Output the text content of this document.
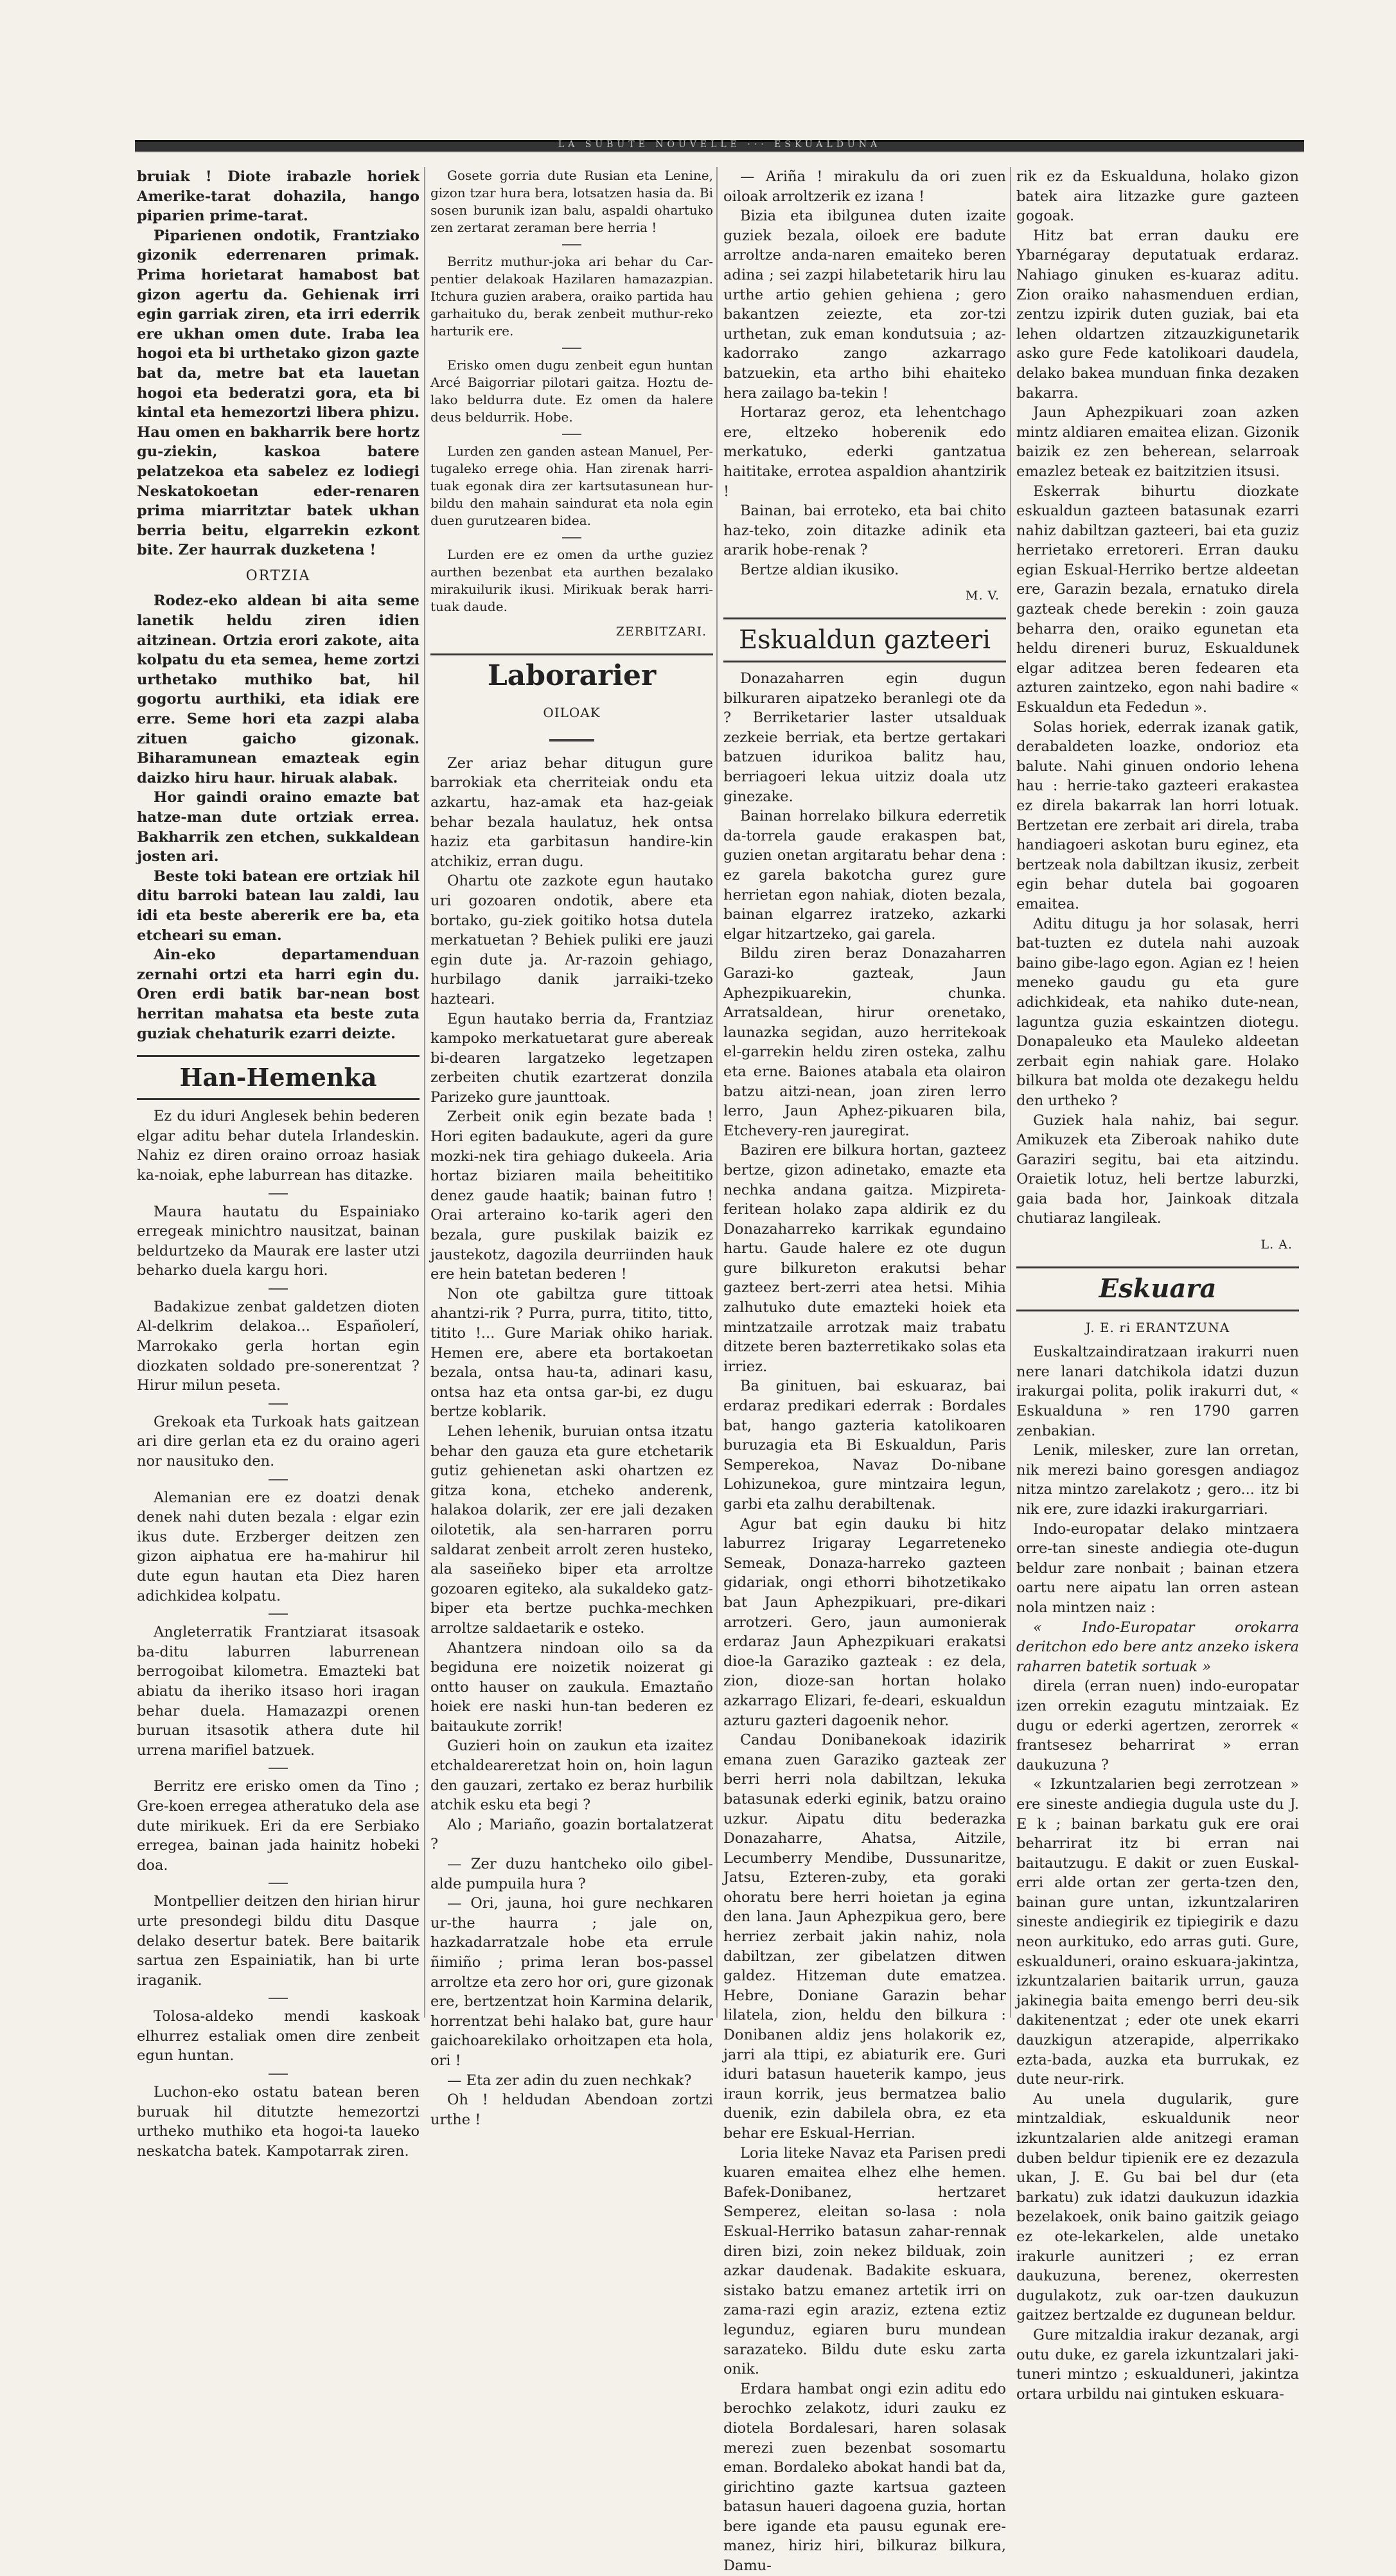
LA SUBUTE NOUVELLE ··· ESKUALDUNA

bruiak ! Diote irabazle horiek Amerike-tarat dohazila, hango piparien prime-tarat.

Piparienen ondotik, Frantziako gizonik ederrenaren primak. Prima horietarat hamabost bat gizon agertu da. Gehienak irri egin garriak ziren, eta irri ederrik ere ukhan omen dute. Iraba lea hogoi eta bi urthetako gizon gazte bat da, metre bat eta lauetan hogoi eta bederatzi gora, eta bi kintal eta hemezortzi libera phizu. Hau omen en bakharrik bere hortz gu-ziekin, kaskoa batere pelatzekoa eta sabelez ez lodiegi Neskatokoetan eder-renaren prima miarritztar batek ukhan berria beitu, elgarrekin ezkont bite. Zer haurrak duzketena !

ORTZIA

Rodez-eko aldean bi aita seme lanetik heldu ziren idien aitzinean. Ortzia erori zakote, aita kolpatu du eta semea, heme zortzi urthetako muthiko bat, hil gogortu aurthiki, eta idiak ere erre. Seme hori eta zazpi alaba zituen gaicho gizonak. Biharamunean emazteak egin daizko hiru haur. hiruak alabak.

Hor gaindi oraino emazte bat hatze-man dute ortziak errea. Bakharrik zen etchen, sukkaldean josten ari.

Beste toki batean ere ortziak hil ditu barroki batean lau zaldi, lau idi eta beste abererik ere ba, eta etcheari su eman.

Ain-eko departamenduan zernahi ortzi eta harri egin du. Oren erdi batik bar-nean bost herritan mahatsa eta beste zuta guziak chehaturik ezarri deizte.

Han-Hemenka

Ez du iduri Anglesek behin bederen elgar aditu behar dutela Irlandeskin. Nahiz ez diren oraino orroaz hasiak ka-noiak, ephe laburrean has ditazke.

Maura hautatu du Espainiako erregeak minichtro nausitzat, bainan beldurtzeko da Maurak ere laster utzi beharko duela kargu hori.

Badakizue zenbat galdetzen dioten Al-delkrim delakoa... Españolerí, Marrokako gerla hortan egin diozkaten soldado pre-sonerentzat ? Hirur milun peseta.

Grekoak eta Turkoak hats gaitzean ari dire gerlan eta ez du oraino ageri nor nausituko den.

Alemanian ere ez doatzi denak denek nahi duten bezala : elgar ezin ikus dute. Erzberger deitzen zen gizon aiphatua ere ha-mahirur hil dute egun hautan eta Diez haren adichkidea kolpatu.

Angleterratik Frantziarat itsasoak ba-ditu laburren laburrenean berrogoibat kilometra. Emazteki bat abiatu da iheriko itsaso hori iragan behar duela. Hamazazpi orenen buruan itsasotik athera dute hil urrena marifiel batzuek.

Berritz ere erisko omen da Tino ; Gre-koen erregea atheratuko dela ase dute mirikuek. Eri da ere Serbiako erregea, bainan jada hainitz hobeki doa.

Montpellier deitzen den hirian hirur urte presondegi bildu ditu Dasque delako desertur batek. Bere baitarik sartua zen Espainiatik, han bi urte iraganik.

Tolosa-aldeko mendi kaskoak elhurrez estaliak omen dire zenbeit egun huntan.

Luchon-eko ostatu batean beren buruak hil ditutzte hemezortzi urtheko muthiko eta hogoi-ta laueko neskatcha batek. Kampotarrak ziren.

Gosete gorria dute Rusian eta Lenine, gizon tzar hura bera, lotsatzen hasia da. Bi sosen burunik izan balu, aspaldi ohartuko zen zertarat zeraman bere herria !

Berritz muthur-joka ari behar du Car-pentier delakoak Hazilaren hamazazpian. Itchura guzien arabera, oraiko partida hau garhaituko du, berak zenbeit muthur-reko harturik ere.

Erisko omen dugu zenbeit egun huntan Arcé Baigorriar pilotari gaitza. Hoztu de-lako beldurra dute. Ez omen da halere deus beldurrik. Hobe.

Lurden zen ganden astean Manuel, Per-tugaleko errege ohia. Han zirenak harri-tuak egonak dira zer kartsutasunean hur-bildu den mahain saindurat eta nola egin duen gurutzearen bidea.

Lurden ere ez omen da urthe guziez aurthen bezenbat eta aurthen bezalako mirakuilurik ikusi. Mirikuak berak harri-tuak daude.

ZERBITZARI.
Laborarier
OILOAK

Zer ariaz behar ditugun gure barrokiak eta cherriteiak ondu eta azkartu, haz-amak eta haz-geiak behar bezala haulatuz, hek ontsa haziz eta garbitasun handire-kin atchikiz, erran dugu.

Ohartu ote zazkote egun hautako uri gozoaren ondotik, abere eta bortako, gu-ziek goitiko hotsa dutela merkatuetan ? Behiek puliki ere jauzi egin dute ja. Ar-razoin gehiago, hurbilago danik jarraiki-tzeko hazteari.

Egun hautako berria da, Frantziaz kampoko merkatuetarat gure abereak bi-dearen largatzeko legetzapen zerbeiten chutik ezartzerat donzila Parizeko gure jaunttoak.

Zerbeit onik egin bezate bada ! Hori egiten badaukute, ageri da gure mozki-nek tira gehiago dukeela. Aria hortaz biziaren maila beheititiko denez gaude haatik; bainan futro ! Orai arteraino ko-tarik ageri den bezala, gure puskilak baizik ez jaustekotz, dagozila deurriinden hauk ere hein batetan bederen !

Non ote gabiltza gure tittoak ahantzi-rik ? Purra, purra, titito, titto, titito !... Gure Mariak ohiko hariak. Hemen ere, abere eta bortakoetan bezala, ontsa hau-ta, adinari kasu, ontsa haz eta ontsa gar-bi, ez dugu bertze koblarik.

Lehen lehenik, buruian ontsa itzatu behar den gauza eta gure etchetarik gutiz gehienetan aski ohartzen ez gitza kona, etcheko anderenk, halakoa dolarik, zer ere jali dezaken oilotetik, ala sen-harraren porru saldarat zenbeit arrolt zeren husteko, ala saseiñeko biper eta arroltze gozoaren egiteko, ala sukaldeko gatz-biper eta bertze puchka-mechken arroltze saldaetarik e osteko.

Ahantzera nindoan oilo sa da begiduna ere noizetik noizerat gi ontto hauser on zaukula. Emaztaño hoiek ere naski hun-tan bederen ez baitaukute zorrik!

Guzieri hoin on zaukun eta izaitez etchaldeareretzat hoin on, hoin lagun den gauzari, zertako ez beraz hurbilik atchik esku eta begi ?

Alo ; Mariaño, goazin bortalatzerat ?

— Zer duzu hantcheko oilo gibel-alde pumpuila hura ?

— Ori, jauna, hoi gure nechkaren ur-the haurra ; jale on, hazkadarratzale hobe eta errule ñimiño ; prima leran bos-passel arroltze eta zero hor ori, gure gizonak ere, bertzentzat hoin Karmina delarik, horrentzat behi halako bat, gure haur gaichoarekilako orhoitzapen eta hola, ori !

— Eta zer adin du zuen nechkak?

Oh ! heldudan Abendoan zortzi urthe !

— Ariña ! mirakulu da ori zuen oiloak arroltzerik ez izana !

Bizia eta ibilgunea duten izaite guziek bezala, oiloek ere badute arroltze anda-naren emaiteko beren adina ; sei zazpi hilabetetarik hiru lau urthe artio gehien gehiena ; gero bakantzen zeiezte, eta zor-tzi urthetan, zuk eman kondutsuia ; az-kadorrako zango azkarrago batzuekin, eta artho bihi ehaiteko hera zailago ba-tekin !

Hortaraz geroz, eta lehentchago ere, eltzeko hoberenik edo merkatuko, ederki gantzatua haititake, errotea aspaldion ahantzirik !

Bainan, bai erroteko, eta bai chito haz-teko, zoin ditazke adinik eta ararik hobe-renak ?

Bertze aldian ikusiko.

M. V.
Eskualdun gazteeri

Donazaharren egin dugun bilkuraren aipatzeko beranlegi ote da ? Berriketarier laster utsalduak zezkeie berriak, eta bertze gertakari batzuen idurikoa balitz hau, berriagoeri lekua uitziz doala utz ginezake.

Bainan horrelako bilkura ederretik da-torrela gaude erakaspen bat, guzien onetan argitaratu behar dena : ez garela bakotcha gurez gure herrietan egon nahiak, dioten bezala, bainan elgarrez iratzeko, azkarki elgar hitzartzeko, gai garela.

Bildu ziren beraz Donazaharren Garazi-ko gazteak, Jaun Aphezpikuarekin, chunka. Arratsaldean, hirur orenetako, launazka segidan, auzo herritekoak el-garrekin heldu ziren osteka, zalhu eta erne. Baiones atabala eta olairon batzu aitzi-nean, joan ziren lerro lerro, Jaun Aphez-pikuaren bila, Etchevery-ren jauregirat.

Baziren ere bilkura hortan, gazteez bertze, gizon adinetako, emazte eta nechka andana gaitza. Mizpireta-feritean holako zapa aldirik ez du Donazaharreko karrikak egundaino hartu. Gaude halere ez ote dugun gure bilkureton erakutsi behar gazteez bert-zerri atea hetsi. Mihia zalhutuko dute emazteki hoiek eta mintzatzaile arrotzak maiz trabatu ditzete beren bazterretikako solas eta irriez.

Ba ginituen, bai eskuaraz, bai erdaraz predikari ederrak : Bordales bat, hango gazteria katolikoaren buruzagia eta Bi Eskualdun, Paris Semperekoa, Navaz Do-nibane Lohizunekoa, gure mintzaira legun, garbi eta zalhu derabiltenak.

Agur bat egin dauku bi hitz laburrez Irigaray Legarreteneko Semeak, Donaza-harreko gazteen gidariak, ongi ethorri bihotzetikako bat Jaun Aphezpikuari, pre-dikari arrotzeri. Gero, jaun aumonierak erdaraz Jaun Aphezpikuari erakatsi dioe-la Garaziko gazteak : ez dela, zion, dioze-san hortan holako azkarrago Elizari, fe-deari, eskualdun azturu gazteri dagoenik nehor.

Candau Donibanekoak idazirik emana zuen Garaziko gazteak zer berri herri nola dabiltzan, lekuka batasunak ederki eginik, batzu oraino uzkur. Aipatu ditu bederazka Donazaharre, Ahatsa, Aitzile, Lecumberry Mendibe, Dussunaritze, Jatsu, Ezteren-zuby, eta goraki ohoratu bere herri hoietan ja egina den lana. Jaun Aphezpikua gero, bere herriez zerbait jakin nahiz, nola dabiltzan, zer gibelatzen ditwen galdez. Hitzeman dute ematzea. Hebre, Doniane Garazin behar lilatela, zion, heldu den bilkura : Donibanen aldiz jens holakorik ez, jarri ala ttipi, ez abiaturik ere. Guri iduri batasun haueterik kampo, jeus iraun korrik, jeus bermatzea balio duenik, ezin dabilela obra, ez eta behar ere Eskual-Herrian.

Loria liteke Navaz eta Parisen predi kuaren emaitea elhez elhe hemen. Bafek-Donibanez, hertzaret Semperez, eleitan so-lasa : nola Eskual-Herriko batasun zahar-rennak diren bizi, zoin nekez bilduak, zoin azkar daudenak. Badakite eskuara, sistako batzu emanez artetik irri on zama-razi egin araziz, eztena eztiz legunduz, egiaren buru mundean sarazateko. Bildu dute esku zarta onik.

Erdara hambat ongi ezin aditu edo berochko zelakotz, iduri zauku ez diotela Bordalesari, haren solasak merezi zuen bezenbat sosomartu eman. Bordaleko abokat handi bat da, girichtino gazte kartsua gazteen batasun haueri dagoena guzia, hortan bere igande eta pausu egunak ere-manez, hiriz hiri, bilkuraz bilkura, Damu-

rik ez da Eskualduna, holako gizon batek aira litzazke gure gazteen gogoak.

Hitz bat erran dauku ere Ybarnégaray deputatuak erdaraz. Nahiago ginuken es-kuaraz aditu. Zion oraiko nahasmenduen erdian, zentzu izpirik duten guziak, bai eta lehen oldartzen zitzauzkigunetarik asko gure Fede katolikoari daudela, delako bakea munduan finka dezaken bakarra.

Jaun Aphezpikuari zoan azken mintz aldiaren emaitea elizan. Gizonik baizik ez zen beherean, selarroak emazlez beteak ez baitzitzien itsusi.

Eskerrak bihurtu diozkate eskualdun gazteen batasunak ezarri nahiz dabiltzan gazteeri, bai eta guziz herrietako erretoreri. Erran dauku egian Eskual-Herriko bertze aldeetan ere, Garazin bezala, ernatuko direla gazteak chede berekin : zoin gauza beharra den, oraiko egunetan eta heldu direneri buruz, Eskualdunek elgar aditzea beren fedearen eta azturen zaintzeko, egon nahi badire « Eskualdun eta Fededun ».

Solas horiek, ederrak izanak gatik, derabaldeten loazke, ondorioz eta balute. Nahi ginuen ondorio lehena hau : herrie-tako gazteeri erakastea ez direla bakarrak lan horri lotuak. Bertzetan ere zerbait ari direla, traba handiagoeri askotan buru eginez, eta bertzeak nola dabiltzan ikusiz, zerbeit egin behar dutela bai gogoaren emaitea.

Aditu ditugu ja hor solasak, herri bat-tuzten ez dutela nahi auzoak baino gibe-lago egon. Agian ez ! heien meneko gaudu gu eta gure adichkideak, eta nahiko dute-nean, laguntza guzia eskaintzen diotegu. Donapaleuko eta Mauleko aldeetan zerbait egin nahiak gare. Holako bilkura bat molda ote dezakegu heldu den urtheko ?

Guziek hala nahiz, bai segur. Amikuzek eta Ziberoak nahiko dute Garaziri segitu, bai eta aitzindu. Oraietik lotuz, heli bertze laburzki, gaia bada hor, Jainkoak ditzala chutiaraz langileak.

L. A.
Eskuara
J. E. ri ERANTZUNA

Euskaltzaindiratzaan irakurri nuen nere lanari datchikola idatzi duzun irakurgai polita, polik irakurri dut, « Eskualduna » ren 1790 garren zenbakian.

Lenik, milesker, zure lan orretan, nik merezi baino goresgen andiagoz nitza mintzo zarelakotz ; gero... itz bi nik ere, zure idazki irakurgarriari.

Indo-europatar delako mintzaera orre-tan sineste andiegia ote-dugun beldur zare nonbait ; bainan etzera oartu nere aipatu lan orren astean nola mintzen naiz :

« Indo-Europatar orokarra deritchon edo bere antz anzeko iskera raharren batetik sortuak »

direla (erran nuen) indo-europatar izen orrekin ezagutu mintzaiak. Ez dugu or ederki agertzen, zerorrek « frantsesez beharrirat » erran daukuzuna ?

« Izkuntzalarien begi zerrotzean » ere sineste andiegia dugula uste du J. E k ; bainan barkatu guk ere orai beharrirat itz bi erran nai baitautzugu. E dakit or zuen Euskal-erri alde ortan zer gerta-tzen den, bainan gure untan, izkuntzalariren sineste andiegirik ez tipiegirik e dazu neon aurkituko, edo arras guti. Gure, eskualduneri, oraino eskuara-jakintza, izkuntzalarien baitarik urrun, gauza jakinegia baita emengo berri deu-sik dakitenentzat ; eder ote unek ekarri dauzkigun atzerapide, alperrikako ezta-bada, auzka eta burrukak, ez dute neur-rirk.

Au unela dugularik, gure mintzaldiak, eskualdunik neor izkuntzalarien alde anitzegi eraman duben beldur tipienik ere ez dezazula ukan, J. E. Gu bai bel dur (eta barkatu) zuk idatzi daukuzun idazkia bezelakoek, onik baino gaitzik geiago ez ote-lekarkelen, alde unetako irakurle aunitzeri ; ez erran daukuzuna, berenez, okerresten dugulakotz, zuk oar-tzen daukuzun gaitzez bertzalde ez dugunean beldur.

Gure mitzaldia irakur dezanak, argi outu duke, ez garela izkuntzalari jaki-tuneri mintzo ; eskualduneri, jakintza ortara urbildu nai gintuken eskuara-
